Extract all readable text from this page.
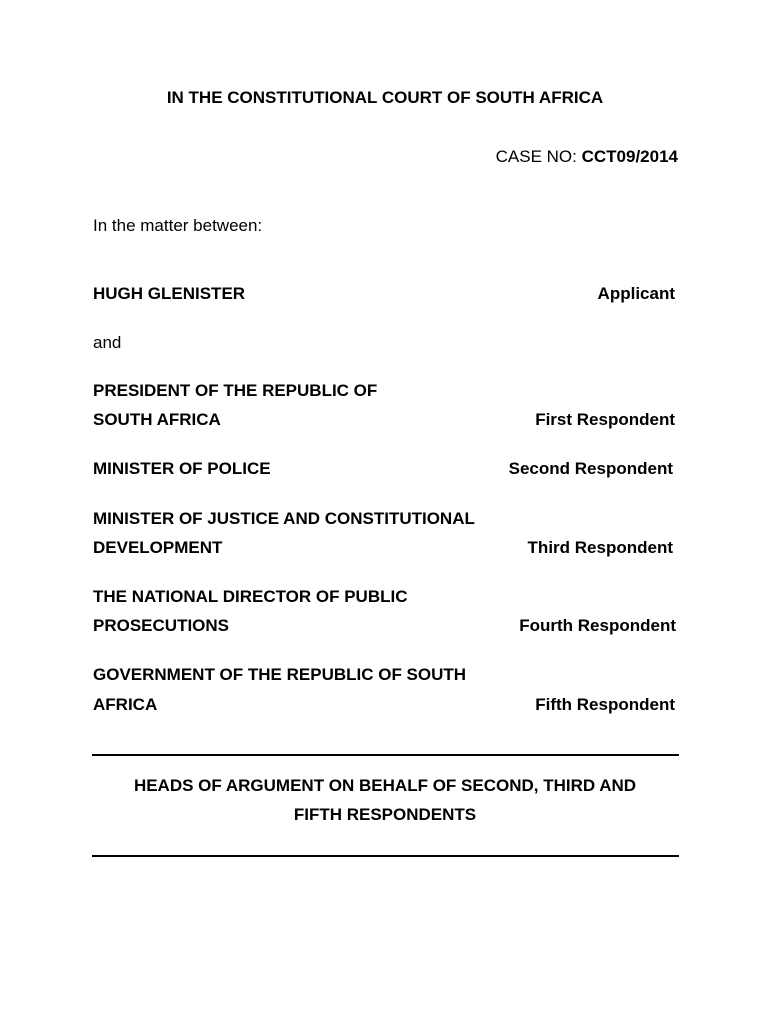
IN THE CONSTITUTIONAL COURT OF SOUTH AFRICA
CASE NO: CCT09/2014
In the matter between:
HUGH GLENISTER	Applicant
and
PRESIDENT OF THE REPUBLIC OF
SOUTH AFRICA	First Respondent
MINISTER OF POLICE	Second Respondent
MINISTER OF JUSTICE AND CONSTITUTIONAL
DEVELOPMENT	Third Respondent
THE NATIONAL DIRECTOR OF PUBLIC
PROSECUTIONS	Fourth Respondent
GOVERNMENT OF THE REPUBLIC OF SOUTH
AFRICA	Fifth Respondent
HEADS OF ARGUMENT ON BEHALF OF SECOND, THIRD AND
FIFTH RESPONDENTS
